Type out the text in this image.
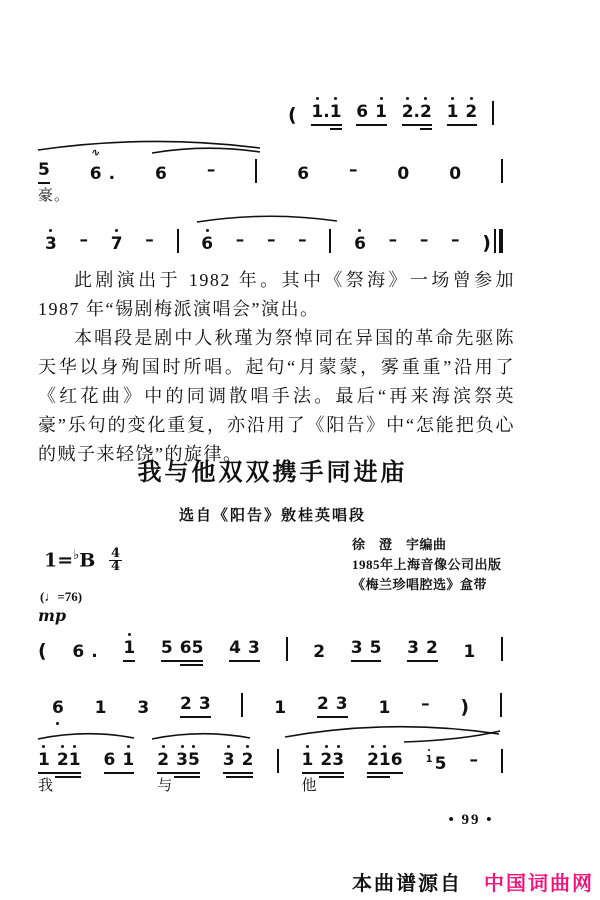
( 1 . 1 6 1 2 . 2 1 2
5
豪。
6 .
∿
6 –	6 – 0 0
3 – 7 –	6 – – –	6 – – – )

此剧演出于 1982 年。其中《祭海》一场曾参加 1987 年“锡剧梅派演唱会”演出。

本唱段是剧中人秋瑾为祭悼同在异国的革命先驱陈天华以身殉国时所唱。起句“月蒙蒙，雾重重”沿用了《红花曲》中的同调散唱手法。最后“再来海滨祭英豪”乐句的变化重复，亦沿用了《阳告》中“怎能把负心的贼子来轻饶”的旋律。

我与他双双携手同进庙
选自《阳告》敫桂英唱段
$1=^♭B \frac{4}{4}$
(♩=76)
mp
徐　澄　宇编曲
1985年上海音像公司出版
《梅兰珍唱腔选》盒带
( 6 . 1 5 6 5 4 3	2 3 5 3 2 1
6 1 3 2 3	1 2 3 1 – )
1 2 1
我
6 1 2 3 5
与
3 2	1 2 3
他
2 1 6 1 5 –
• 99 •
本曲谱源自 中国词曲网
